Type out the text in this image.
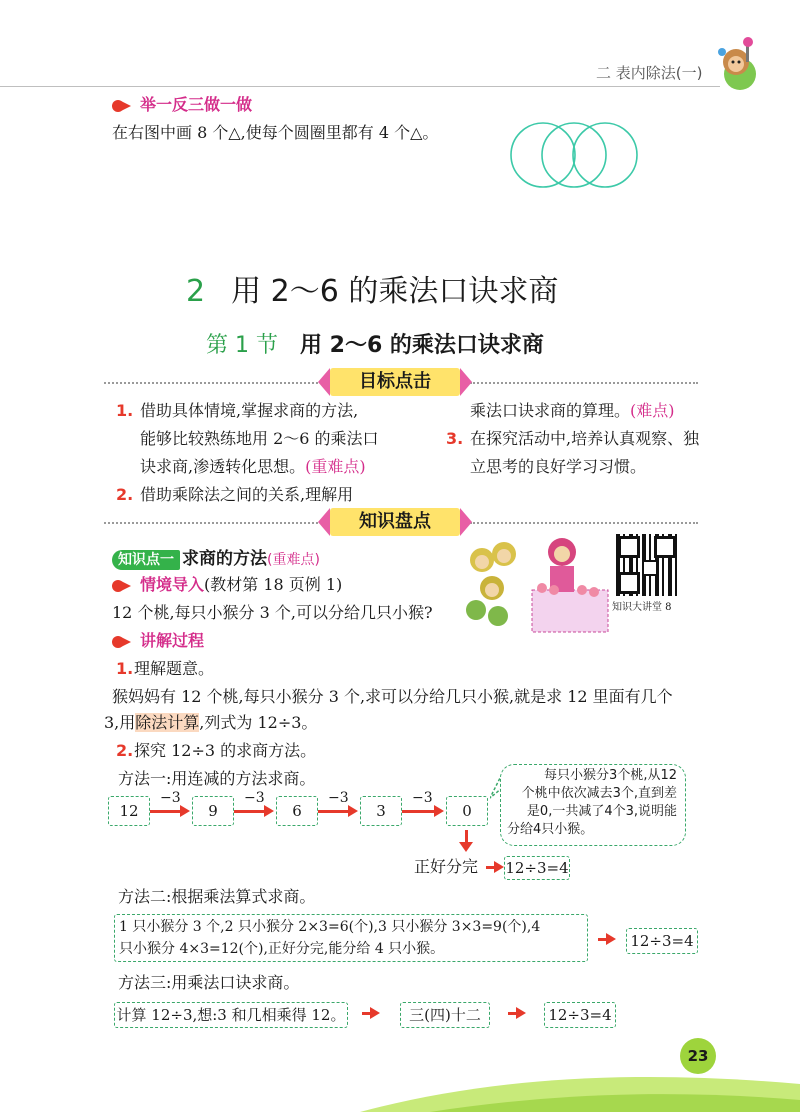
二 表内除法(一)
举一反三做一做
在右图中画 8 个△,使每个圆圈里都有 4 个△。
2 用 2～6 的乘法口诀求商
第 1 节 用 2～6 的乘法口诀求商
目标点击
1. 借助具体情境,掌握求商的方法,
能够比较熟练地用 2～6 的乘法口
诀求商,渗透转化思想。(重难点)
2. 借助乘除法之间的关系,理解用
乘法口诀求商的算理。(难点)
3. 在探究活动中,培养认真观察、独
立思考的良好学习习惯。
知识盘点
知识点一 求商的方法(重难点)
情境导入(教材第 18 页例 1)
12 个桃,每只小猴分 3 个,可以分给几只小猴?	知识大讲堂 8
讲解过程
1. 理解题意。
猴妈妈有 12 个桃,每只小猴分 3 个,求可以分给几只小猴,就是求 12 里面有几个
3,用除法计算,列式为 12÷3。
2. 探究 12÷3 的求商方法。
方法一:用连减的方法求商。
12	9	6	3	0
−3	−3	−3	−3
每只小猴分3个桃,从12
个桃中依次减去3个,直到差
是0,一共减了4个3,说明能
分给4只小猴。
正好分完 12÷3=4
方法二:根据乘法算式求商。
1 只小猴分 3 个,2 只小猴分 2×3=6(个),3 只小猴分 3×3=9(个),4
只小猴分 4×3=12(个),正好分完,能分给 4 只小猴。	12÷3=4
方法三:用乘法口诀求商。
计算 12÷3,想:3 和几相乘得 12。	三(四)十二	12÷3=4
23
